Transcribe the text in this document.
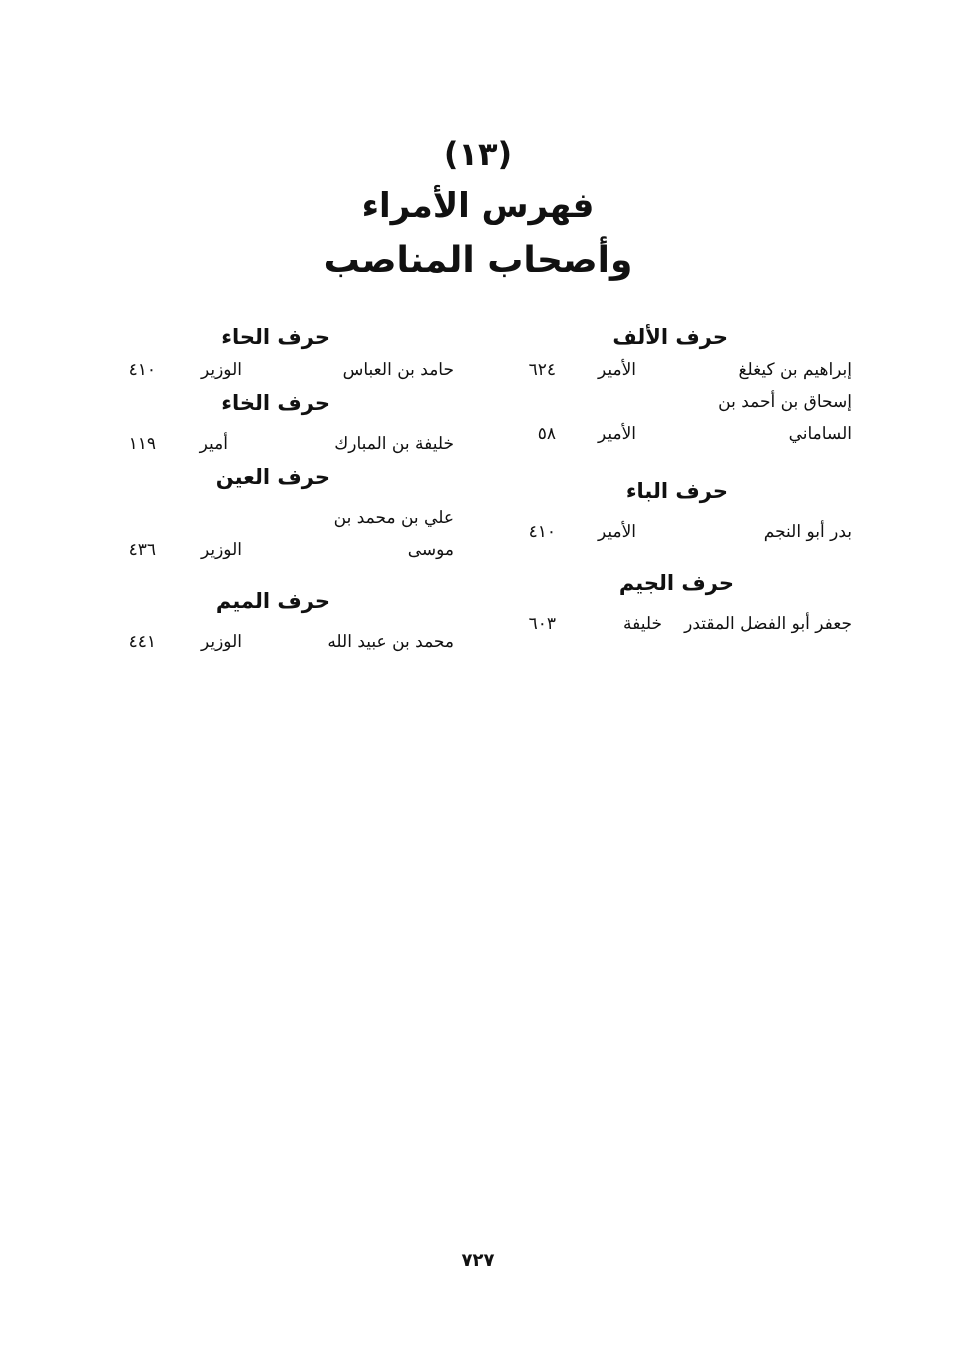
(١٣)
فهرس الأمراء
وأصحاب المناصب
حرف الألف
إبراهيم بن كيغلغ
الأمير
٦٢٤
إسحاق بن أحمد بن
الساماني
الأمير
٥٨
حرف الباء
بدر أبو النجم
الأمير
٤١٠
حرف الجيم
جعفر أبو الفضل المقتدر
خليفة
٦٠٣
حرف الحاء
حامد بن العباس
الوزير
٤١٠
حرف الخاء
خليفة بن المبارك
أمير
١١٩
حرف العين
علي بن محمد بن
موسى
الوزير
٤٣٦
حرف الميم
محمد بن عبيد الله
الوزير
٤٤١
٧٢٧
